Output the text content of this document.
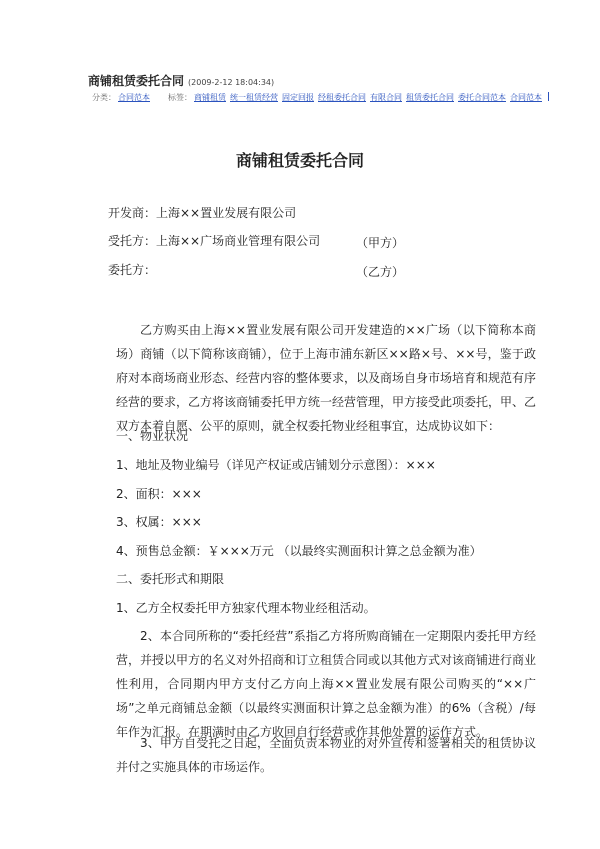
商铺租赁委托合同 (2009-2-12 18:04:34)
分类： 合同范本 标签： 商铺租赁 统一租赁经营 固定回报 经租委托合同 有限合同 租赁委托合同 委托合同范本 合同范本
商铺租赁委托合同
开发商：上海××置业发展有限公司
受托方：上海××广场商业管理有限公司	（甲方）
委托方：	（乙方）
乙方购买由上海××置业发展有限公司开发建造的××广场（以下简称本商场）商铺（以下简称该商铺），位于上海市浦东新区××路×号、××号，鉴于政府对本商场商业形态、经营内容的整体要求，以及商场自身市场培育和规范有序经营的要求，乙方将该商铺委托甲方统一经营管理，甲方接受此项委托，甲、乙双方本着自愿、公平的原则，就全权委托物业经租事宜，达成协议如下：
一、物业状况
1、地址及物业编号（详见产权证或店铺划分示意图）：×××
2、面积：×××
3、权属：×××
4、预售总金额：￥×××万元 （以最终实测面积计算之总金额为准）
二、委托形式和期限
1、乙方全权委托甲方独家代理本物业经租活动。
2、本合同所称的“委托经营”系指乙方将所购商铺在一定期限内委托甲方经营，并授以甲方的名义对外招商和订立租赁合同或以其他方式对该商铺进行商业性利用，合同期内甲方支付乙方向上海××置业发展有限公司购买的“××广场”之单元商铺总金额（以最终实测面积计算之总金额为准）的6%（含税）/每年作为汇报。在期满时由乙方收回自行经营或作其他处置的运作方式。
3、甲方自受托之日起，全面负责本物业的对外宣传和签署相关的租赁协议并付之实施具体的市场运作。
